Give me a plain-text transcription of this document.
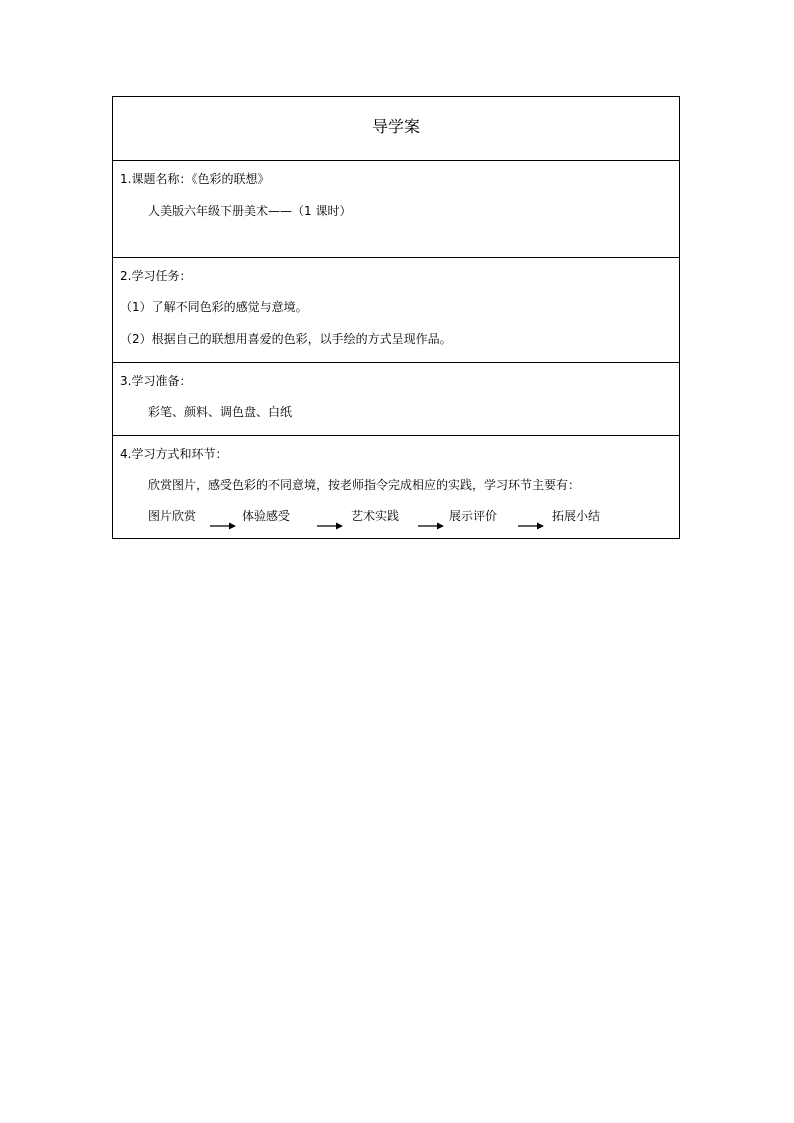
导学案
1.课题名称：《色彩的联想》
人美版六年级下册美术——（1 课时）
2.学习任务：
（1）了解不同色彩的感觉与意境。
（2）根据自己的联想用喜爱的色彩，以手绘的方式呈现作品。
3.学习准备：
彩笔、颜料、调色盘、白纸
4.学习方式和环节：
欣赏图片，感受色彩的不同意境，按老师指令完成相应的实践，学习环节主要有：
图片欣赏	体验感受	艺术实践	展示评价	拓展小结
